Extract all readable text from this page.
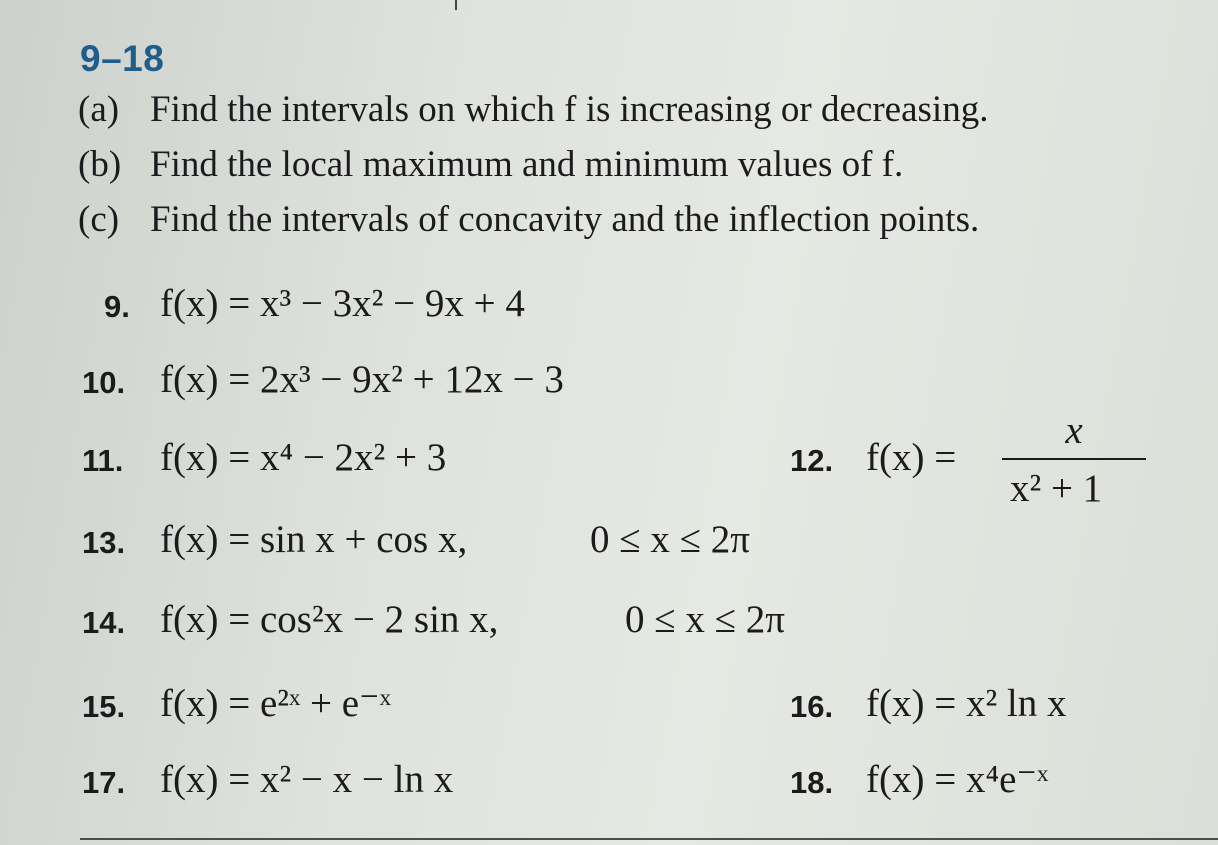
9–18
(a) Find the intervals on which f is increasing or decreasing.
(b) Find the local maximum and minimum values of f.
(c) Find the intervals of concavity and the inflection points.
9. f(x) = x³ − 3x² − 9x + 4
10. f(x) = 2x³ − 9x² + 12x − 3
11. f(x) = x⁴ − 2x² + 3	12. f(x) =
x
x² + 1
13. f(x) = sin x + cos x,	0 ≤ x ≤ 2π
14. f(x) = cos²x − 2 sin x,	0 ≤ x ≤ 2π
15. f(x) = e²ˣ + e⁻ˣ	16. f(x) = x² ln x
17. f(x) = x² − x − ln x	18. f(x) = x⁴e⁻ˣ
